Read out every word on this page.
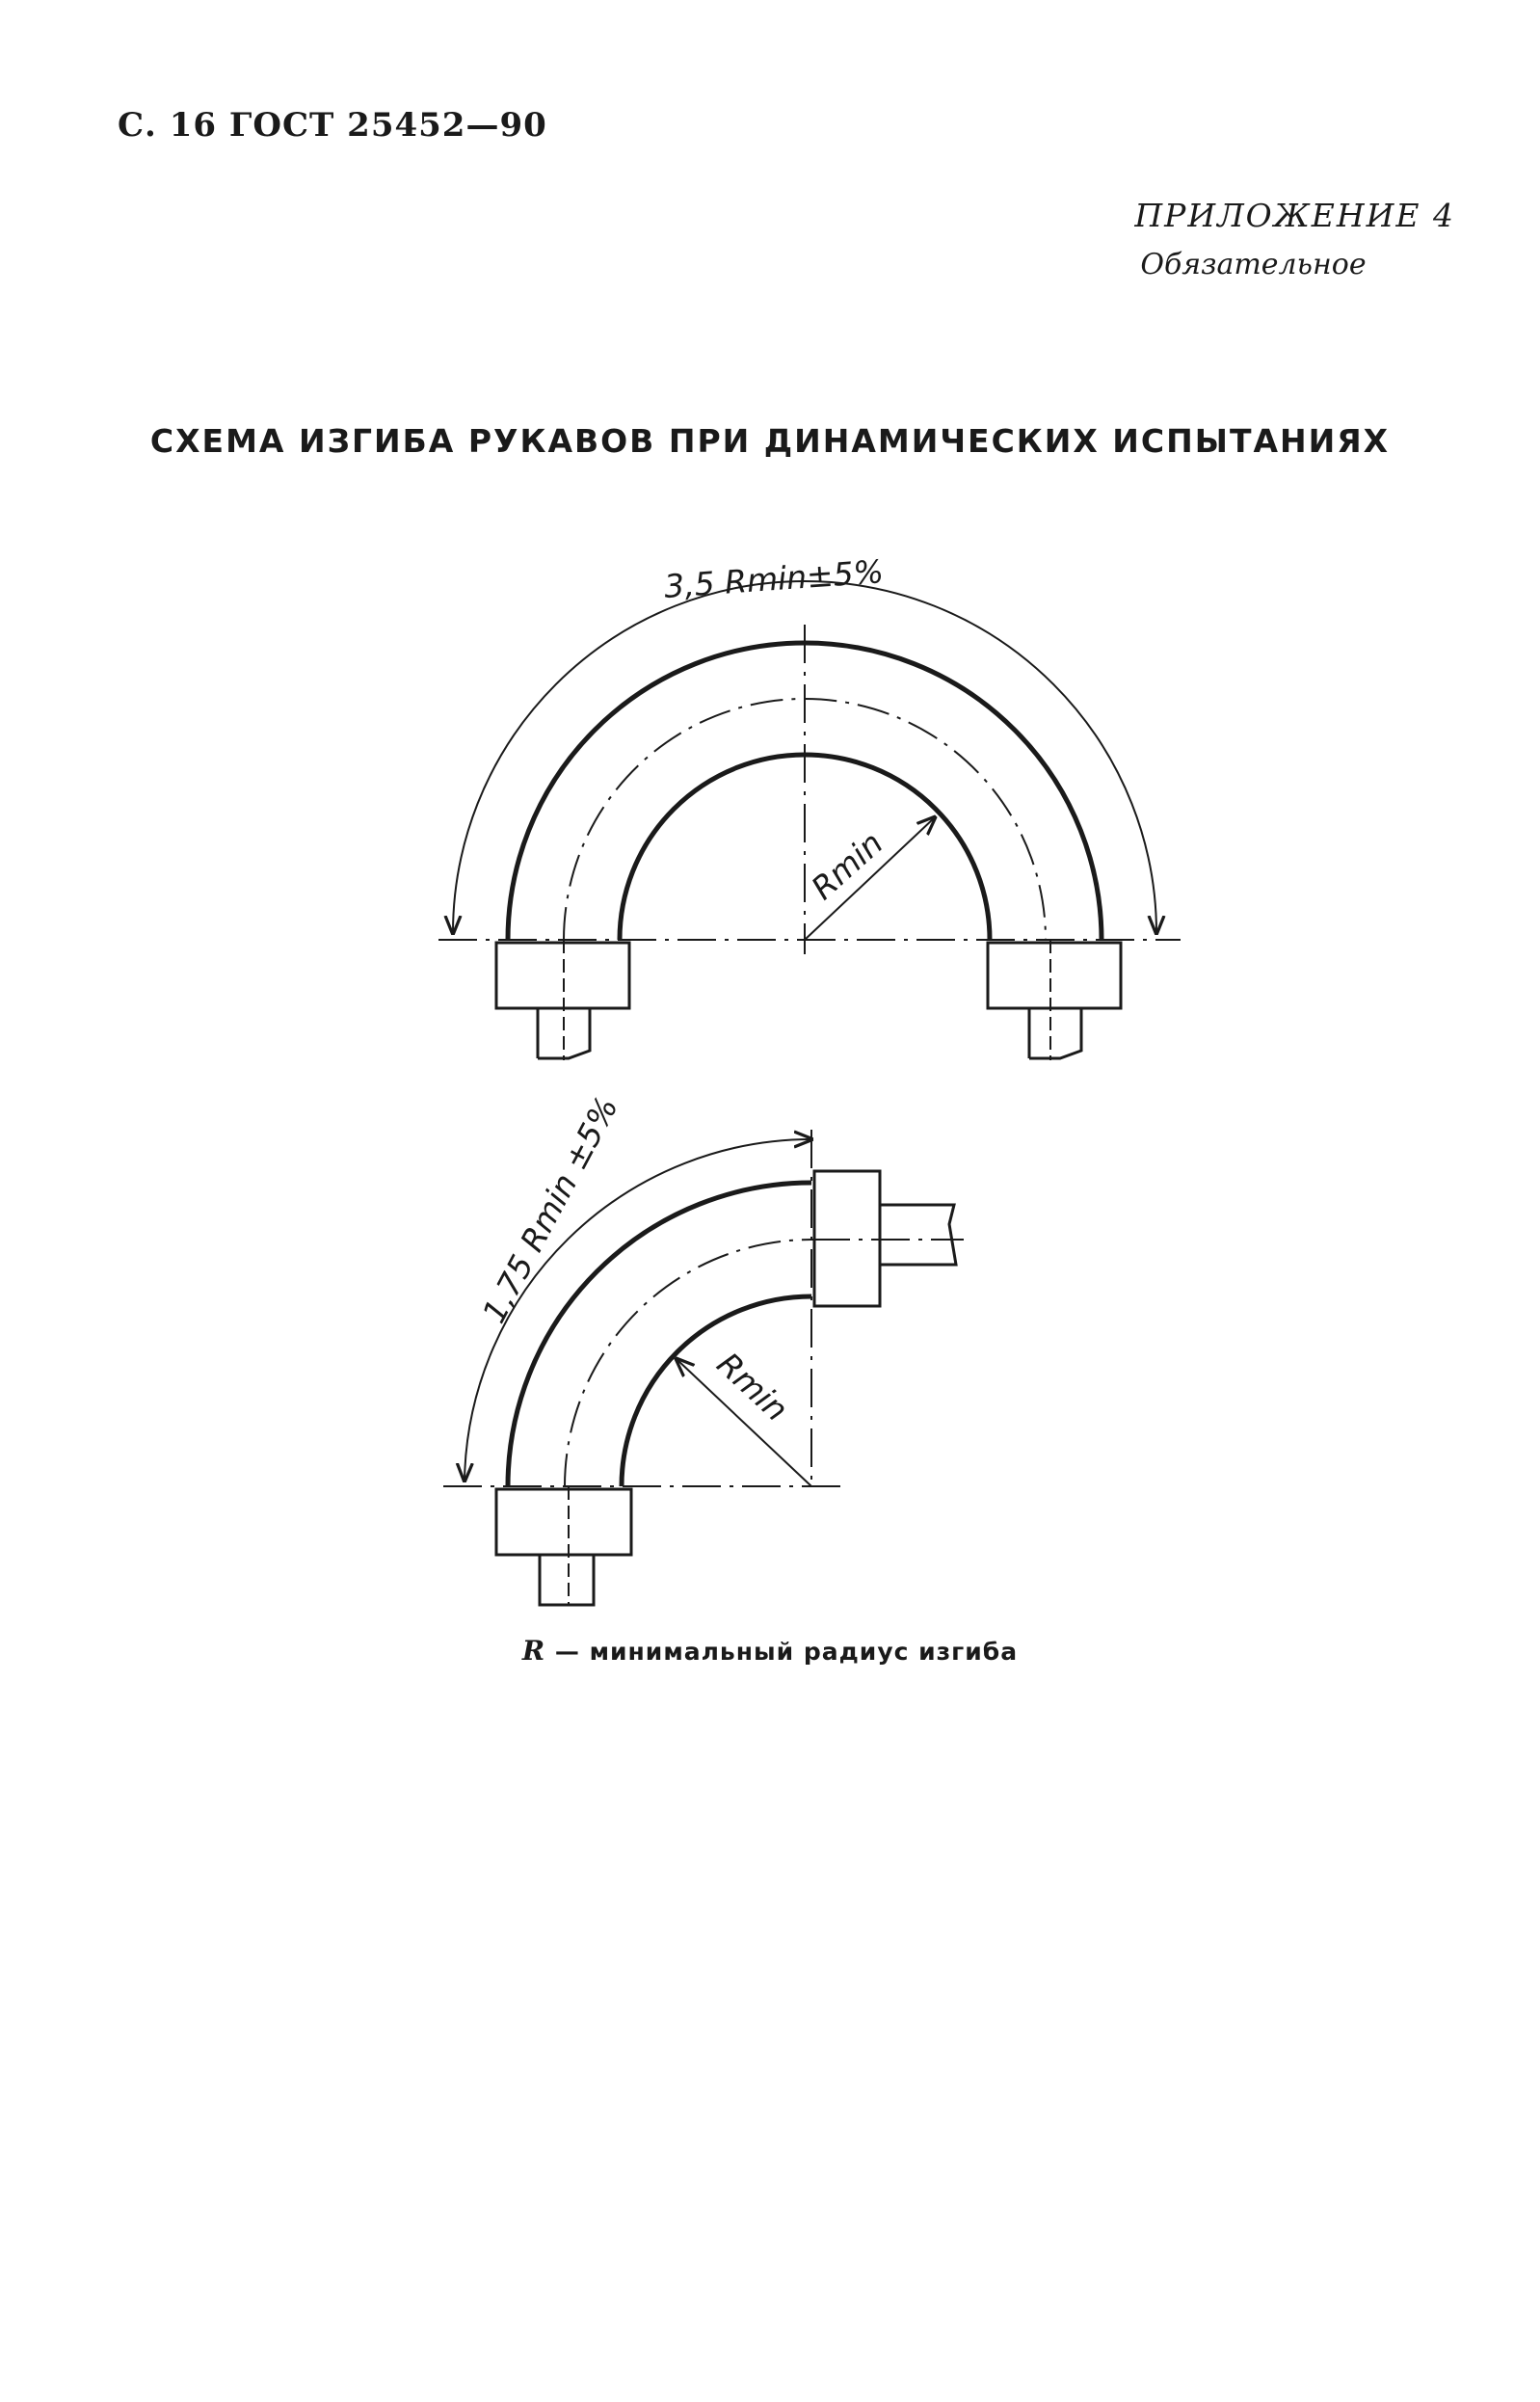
С. 16 ГОСТ 25452—90
ПРИЛОЖЕНИЕ 4
Обязательное
СХЕМА ИЗГИБА РУКАВОВ ПРИ ДИНАМИЧЕСКИХ ИСПЫТАНИЯХ
3,5 Rmin±5%
Rmin
1,75 Rmin ±5%
Rmin
R — минимальный радиус изгиба
